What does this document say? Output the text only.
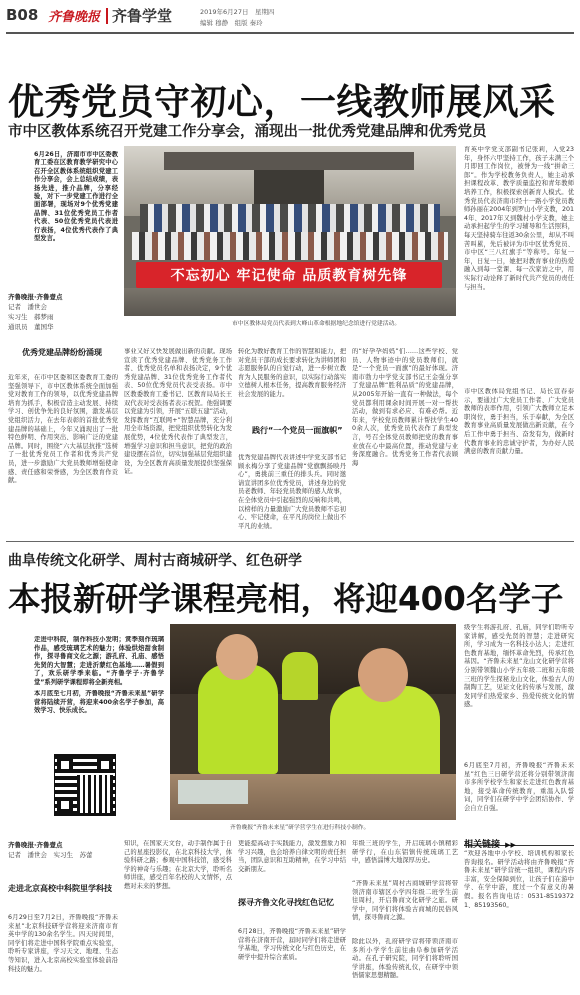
B08 齐鲁晚报 齐鲁学堂	2019年6月27日　星期四
编辑 穆静　组版 秦玲
优秀党员守初心，一线教师展风采
市中区教体系统召开党建工作分享会，涌现出一批优秀党建品牌和优秀党员
6月26日，济南市市中区委教育工委在区教育教学研究中心召开全区教体系统组织党建工作分享会，会上总结成绩，表扬先进，推介品牌，分享经验，对下一步党建工作进行全面部署，现场对9个优秀党建品牌、31位优秀党员工作者代表、50位优秀党员代表进行表扬，4位优秀代表作了典型发言。
齐鲁晚报·齐鲁壹点
记者　潘世会
实习生　郝梦雨
通讯员　董国华
不忘初心 牢记使命 品质教育树先锋
市中区教体局党员代表到大峰山革命根据地纪念馆进行党建活动。
优秀党建品牌纷纷涌现
近年来，在市中区委和区委教育工委的坚强领导下，市中区教体系统全面加强党对教育工作的领导，以优秀党建品牌培育为抓手，积极营造主动发展、持续学习、创优争先的良好氛围，激发基层党组织活力，在去年表彰的首批优秀党建品牌的基础上，今年又涌现出了一批特色鲜明、作用突出、影响广泛的党建品牌。同时，围绕“六大基层抗推”选树了一批优秀党员工作者和优秀共产党员，进一步激励广大党员教师增强使命感、责任感和荣誉感，为全区教育作贡献。
事业又好又快发展做出新的贡献。现场宣读了优秀党建品牌、优秀党务工作者、优秀党员名单和表扬决定，9个优秀党建品牌、31位优秀党务工作者代表、50位优秀党员代表受表扬。市中区教委教育工委书记、区教育局局长王双代表对受表扬者表示祝贺。他强调要以党建为引领，开展“五联五建”活动，发挥教育“互联网+”智慧品牌，充分利用全市场资源，把党组织优势转化为发展优势，4位优秀代表作了典型发言，增强学习意识和担当意识，把党的政治建设摆在首位，切实加强基层党组织建设，为全区教育高质量发展提供坚强保证。
转化为教好教育工作的智慧和能力，把对党员干部的成长要求转化为讲师团和志愿服务队的自觉行动，进一步树立教育为人民服务的意识，以实际行动落实立德树人根本任务，提高教育服务经济社会发展的能力。
践行“一个党员一面旗帜”
优秀党建品牌代表讲述中学党支部书记顾永梅分享了党建品牌“党旗飘扬映丹心”，勇挑前三重任的排头兵。同时邀请宣讲团多位优秀党员，讲述身边的党员老教师、年轻党员教师的感人故事，在全体党员中引起强烈的反响和共鸣，以榜样的力量激励广大党员教师不忘初心、牢记使命，在平凡的岗位上做出不平凡的业绩。
的“好孕孕妈妈”们……这些学校、党员、人物事迹中的党员教师们，就是“一个党员一面旗”的最好体现。济南市勃力中学党支部书记王金强分享了党建品牌“胜利品质”的党建品牌，从2005年开始一直有一种做法，每个党员都利用课余时间开展一对一帮扶活动，做到有求必应、有难必帮。近年来，学校党员教师累计帮扶学生400余人次，优秀党员代表作了典型发言，号召全体党员教师把党的教育事业放在心中最高位置，推动党建与业务深度融合。优秀党务工作者代表顾海
育英中学党支部副书记张莉，入党23年，身怀六甲坚持工作，孩子未满三个月即回工作岗位，被誉为一线“拼命三郎”。作为学校教务负责人，她主动承担课程改革、教学质量监控和青年教师培养工作，积极探索创新育人模式。优秀党员代表济南市经十一路小学党员教师孙丽在2004年到罗山小学支教，2014年、2017年又到魏村小学支教，她主动承担起学生的学习辅导和生活照料，每天坚持骑车往返30余公里，却从不叫苦叫累，先后被评为市中区优秀党员、市中区“三八红旗手”等称号。年复一年，日复一日，她把对教育事业的热爱融入到每一堂课、每一次家访之中，用实际行动诠释了新时代共产党员的责任与担当。
市中区教体局党组书记、局长宣春泰示，要通过广大党员工作者、广大党员教师的表率作用，引领广大教师立足本职岗位，勇于担当，乐于奉献，为全区教育事业高质量发展做出新贡献，在今后工作中勇于担当、奋发有为，做新时代教育事业的忠诚守护者，为办好人民满意的教育贡献力量。
曲阜传统文化研学、周村古商城研学、红色研学
本报新研学课程亮相，将迎400名学子
走进中科院，制作科技小发明；赏季刻作琉璃作品，感受琉璃艺术的魅力；体验烘焙甜食制作，探寻鲁商文化之源；游孔府、孔庙、感悟先贤的大智慧；走进沂蒙红色基地……暑假到了，欢乐研学季来临。“齐鲁学子·齐鲁学堂”系列研学课程即将全新亮相。
本月底至七月初，齐鲁晚报“齐鲁未来星”研学营将陆续开营，将迎来400余名学子参加，高效学习、快乐成长。
齐鲁晚报“齐鲁未来星”研学营学生在进行科技小制作。
级学生将游孔府、孔庙，同学们聆听专家讲解，感受先贤的智慧；走进研究所，学习成为一名科技小达人；走进红色教育基地，缅怀革命先烈，传承红色基因。“齐鲁未来星”龙山文化研学营将分别带领魏山小学五年级二班和五年级三班的学生探秘龙山文化，体验古人的制陶工艺，见证文化的传承与发展，激发同学们热爱家乡、热爱传统文化的情感。
6月底至7月初，齐鲁晚报“齐鲁未来星”红色三日研学营还将分别带领济南市多所学校学生和家长走进红色教育基地，接受革命传统教育，重温入队誓词，同学们在研学中学会团结协作、学会自立自强。
相关链接 ▶▶
“欢迎各地中小学校、培训机构和家长咨询报名。研学活动将由齐鲁晚报“齐鲁未来星”研学营统一组织，课程内容丰富，安全保障到位，让孩子们在游中学、在学中游，度过一个有意义的暑假。报名咨询电话：0531-85193721、85193560。
齐鲁晚报·齐鲁壹点
记者　潘世会　实习生　苏蕾
走进北京高校中科院里学科技
6月29日至7月2日，齐鲁晚报“齐鲁未来星”北京科技研学营将迎来济南市育英中学的130余名学生。四天时间里，同学们将走进中国科学院重点实验室，聆听专家讲座，学习天文、地理、生态等知识，进入北京高校实验室体验前沿科技的魅力。
知识，在国家天文台，动手制作属于自己的星座投影仪，在北京科技大学，体验科研之路；参观中国科技馆，感受科学的神奇与乐趣；在北京大学，聆听名师讲座，感受百年名校的人文情怀，点燃对未来的梦想。
更能提高动手实践能力，激发想象力和学习兴趣，也会培养自律文明的责任担当，团队意识和互助精神，在学习中结交新朋友。
探寻齐鲁文化寻找红色记忆
6月28日，齐鲁晚报“齐鲁未来星”研学营将在济南开营，届时同学们将走进研学基地，学习传统文化与红色历史，在研学中提升综合素质。
年级三班的学生，开启琉璃小镇精彩研学行，在山东铝镇传统琉璃工艺中，感悟淄博大地深厚历史。
“齐鲁未来星”周村古商城研学营将带领济南市辖区小学四年级二班学生前往周村，开启鲁商文化研学之旅。研学中，同学们将体验古商城的民俗风情，探寻鲁商之源。
除此以外，孔府研学营将带领济南市多所小学学生前往曲阜参加研学活动。在孔子研究院，同学们将聆听国学讲座，体验传统礼仪，在研学中领悟儒家思想精髓。
